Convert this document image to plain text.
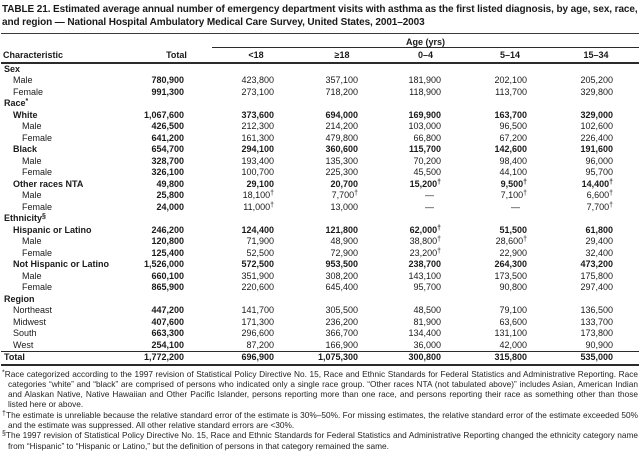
TABLE 21. Estimated average annual number of emergency department visits with asthma as the first listed diagnosis, by age, sex, race, and region — National Hospital Ambulatory Medical Care Survey, United States, 2001–2003
		Age (yrs)				
Characteristic	Total	<18	≥18	0–4	5–14	15–34
Sex						
Male	780,900	423,800	357,100	181,900	202,100	205,200
Female	991,300	273,100	718,200	118,900	113,700	329,800
Race*						
White	1,067,600	373,600	694,000	169,900	163,700	329,000
Male	426,500	212,300	214,200	103,000	96,500	102,600
Female	641,200	161,300	479,800	66,800	67,200	226,400
Black	654,700	294,100	360,600	115,700	142,600	191,600
Male	328,700	193,400	135,300	70,200	98,400	96,000
Female	326,100	100,700	225,300	45,500	44,100	95,700
Other races NTA	49,800	29,100	20,700	15,200†	9,500†	14,400†
Male	25,800	18,100†	7,700†	—	7,100†	6,600†
Female	24,000	11,000†	13,000	—	—	7,700†
Ethnicity§						
Hispanic or Latino	246,200	124,400	121,800	62,000†	51,500	61,800
Male	120,800	71,900	48,900	38,800†	28,600†	29,400
Female	125,400	52,500	72,900	23,200†	22,900	32,400
Not Hispanic or Latino	1,526,000	572,500	953,500	238,700	264,300	473,200
Male	660,100	351,900	308,200	143,100	173,500	175,800
Female	865,900	220,600	645,400	95,700	90,800	297,400
Region						
Northeast	447,200	141,700	305,500	48,500	79,100	136,500
Midwest	407,600	171,300	236,200	81,900	63,600	133,700
South	663,300	296,600	366,700	134,400	131,100	173,800
West	254,100	87,200	166,900	36,000	42,000	90,900
Total	1,772,200	696,900	1,075,300	300,800	315,800	535,000
*Race categorized according to the 1997 revision of Statistical Policy Directive No. 15, Race and Ethnic Standards for Federal Statistics and Administrative Reporting. Race categories “white” and “black” are comprised of persons who indicated only a single race group. “Other races NTA (not tabulated above)” includes Asian, American Indian and Alaskan Native, Native Hawaiian and Other Pacific Islander, persons reporting more than one race, and persons reporting their race as something other than those listed here or above.
†The estimate is unreliable because the relative standard error of the estimate is 30%–50%. For missing estimates, the relative standard error of the estimate exceeded 50% and the estimate was suppressed. All other relative standard errors are <30%.
§The 1997 revision of Statistical Policy Directive No. 15, Race and Ethnic Standards for Federal Statistics and Administrative Reporting changed the ethnicity category name from “Hispanic” to “Hispanic or Latino,” but the definition of persons in that category remained the same.
